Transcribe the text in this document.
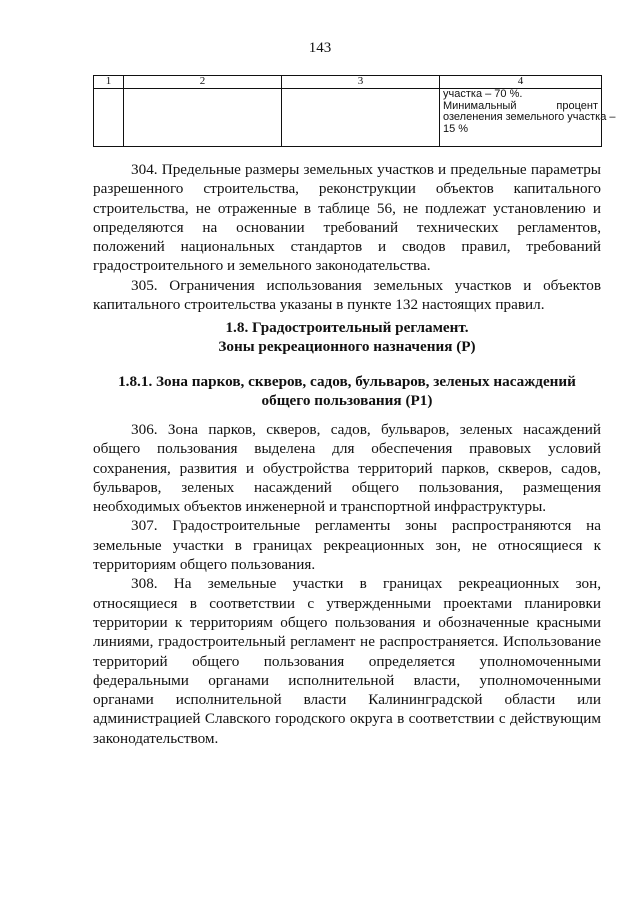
143
1	2	3	4

			участка – 70 %.
Минимальный процент
озеленения земельного участка –
15 %

304. Предельные размеры земельных участков и предельные параметры разрешенного строительства, реконструкции объектов капитального строительства, не отраженные в таблице 56, не подлежат установлению и определяются на основании требований технических регламентов, положений национальных стандартов и сводов правил, требований градостроительного и земельного законодательства.

305. Ограничения использования земельных участков и объектов капитального строительства указаны в пункте 132 настоящих правил.

1.8. Градостроительный регламент.

Зоны рекреационного назначения (Р)

1.8.1. Зона парков, скверов, садов, бульваров, зеленых насаждений

общего пользования (Р1)

306. Зона парков, скверов, садов, бульваров, зеленых насаждений общего пользования выделена для обеспечения правовых условий сохранения, развития и обустройства территорий парков, скверов, садов, бульваров, зеленых насаждений общего пользования, размещения необходимых объектов инженерной и транспортной инфраструктуры.

307. Градостроительные регламенты зоны распространяются на земельные участки в границах рекреационных зон, не относящиеся к территориям общего пользования.

308. На земельные участки в границах рекреационных зон, относящиеся в соответствии с утвержденными проектами планировки территории к территориям общего пользования и обозначенные красными линиями, градостроительный регламент не распространяется. Использование территорий общего пользования определяется уполномоченными федеральными органами исполнительной власти, уполномоченными органами исполнительной власти Калининградской области или администрацией Славского городского округа в соответствии с действующим законодательством.
